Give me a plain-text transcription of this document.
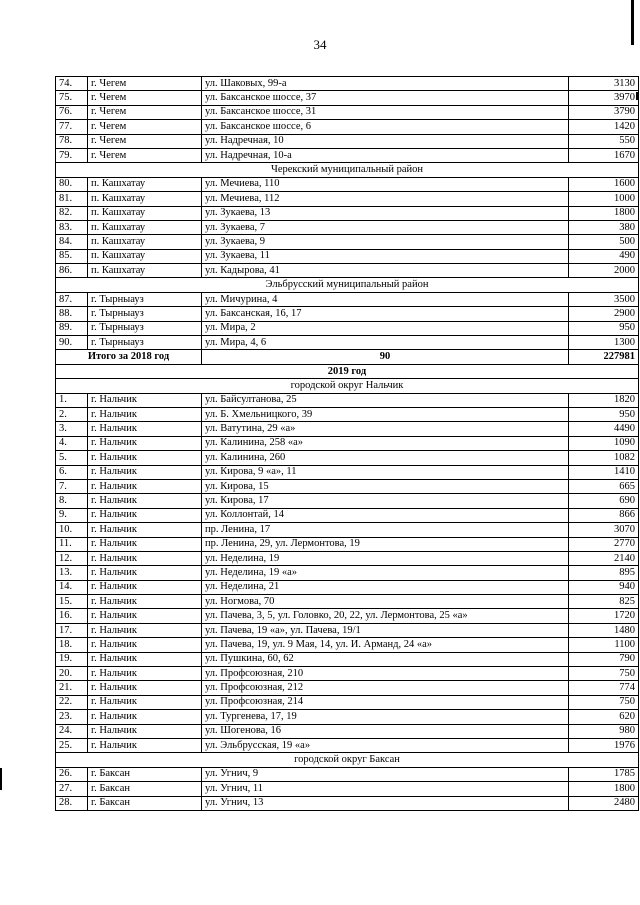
34
74.	г. Чегем	ул. Шаковых, 99-а	3130
75.	г. Чегем	ул. Баксанское шоссе, 37	3970
76.	г. Чегем	ул. Баксанское шоссе, 31	3790
77.	г. Чегем	ул. Баксанское шоссе, 6	1420
78.	г. Чегем	ул. Надречная, 10	550
79.	г. Чегем	ул. Надречная, 10-а	1670
Черекский муниципальный район			
80.	п. Кашхатау	ул. Мечиева, 110	1600
81.	п. Кашхатау	ул. Мечиева, 112	1000
82.	п. Кашхатау	ул. Зукаева, 13	1800
83.	п. Кашхатау	ул. Зукаева, 7	380
84.	п. Кашхатау	ул. Зукаева, 9	500
85.	п. Кашхатау	ул. Зукаева, 11	490
86.	п. Кашхатау	ул. Кадырова, 41	2000
Эльбрусский муниципальный район			
87.	г. Тырныауз	ул. Мичурина, 4	3500
88.	г. Тырныауз	ул. Баксанская, 16, 17	2900
89.	г. Тырныауз	ул. Мира, 2	950
90.	г. Тырныауз	ул. Мира, 4, 6	1300
Итого за 2018 год		90	227981
2019 год			
городской округ Нальчик			
1.	г. Нальчик	ул. Байсултанова, 25	1820
2.	г. Нальчик	ул. Б. Хмельницкого, 39	950
3.	г. Нальчик	ул. Ватутина, 29 «а»	4490
4.	г. Нальчик	ул. Калинина, 258 «а»	1090
5.	г. Нальчик	ул. Калинина, 260	1082
6.	г. Нальчик	ул. Кирова, 9 «а», 11	1410
7.	г. Нальчик	ул. Кирова, 15	665
8.	г. Нальчик	ул. Кирова, 17	690
9.	г. Нальчик	ул. Коллонтай, 14	866
10.	г. Нальчик	пр. Ленина, 17	3070
11.	г. Нальчик	пр. Ленина, 29, ул. Лермонтова, 19	2770
12.	г. Нальчик	ул. Неделина, 19	2140
13.	г. Нальчик	ул. Неделина, 19 «а»	895
14.	г. Нальчик	ул. Неделина, 21	940
15.	г. Нальчик	ул. Ногмова, 70	825
16.	г. Нальчик	ул. Пачева, 3, 5, ул. Головко, 20, 22, ул. Лермонтова, 25 «а»	1720
17.	г. Нальчик	ул. Пачева, 19 «а», ул. Пачева, 19/1	1480
18.	г. Нальчик	ул. Пачева, 19, ул. 9 Мая, 14, ул. И. Арманд, 24 «а»	1100
19.	г. Нальчик	ул. Пушкина, 60, 62	790
20.	г. Нальчик	ул. Профсоюзная, 210	750
21.	г. Нальчик	ул. Профсоюзная, 212	774
22.	г. Нальчик	ул. Профсоюзная, 214	750
23.	г. Нальчик	ул. Тургенева, 17, 19	620
24.	г. Нальчик	ул. Шогенова, 16	980
25.	г. Нальчик	ул. Эльбрусская, 19 «а»	1976
городской округ Баксан			
26.	г. Баксан	ул. Угнич, 9	1785
27.	г. Баксан	ул. Угнич, 11	1800
28.	г. Баксан	ул. Угнич, 13	2480
